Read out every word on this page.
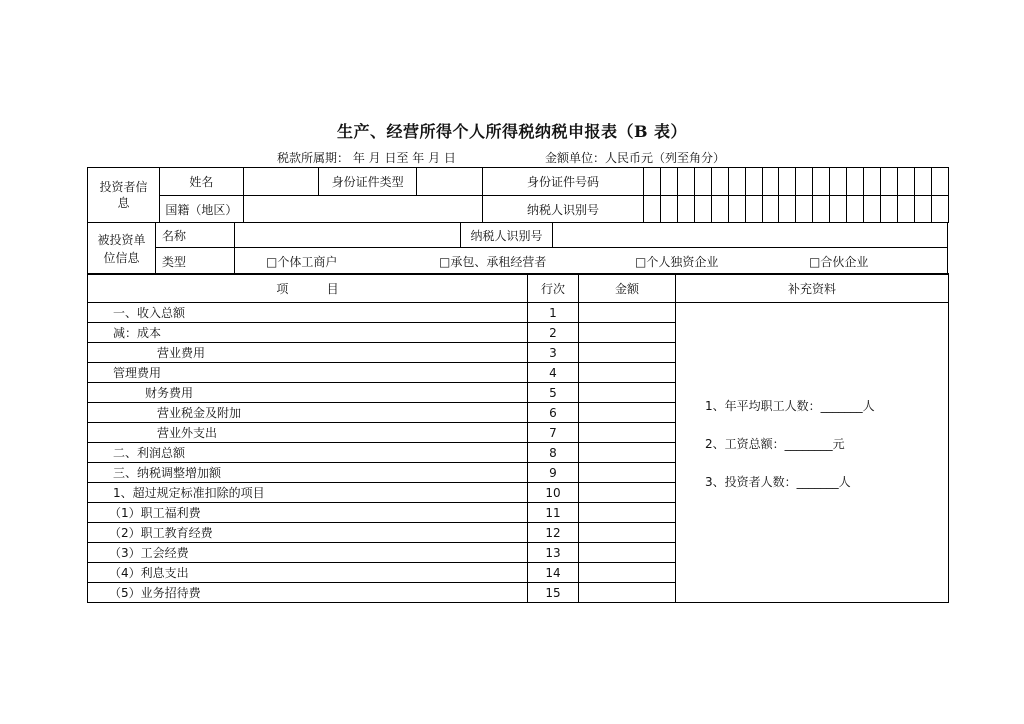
生产、经营所得个人所得税纳税申报表（B 表）
税款所属期： 年 月 日至 年 月 日	金额单位：人民币元（列至角分）
投资者信息	姓名		身份证件类型		身份证件号码																		
	国籍（地区）				纳税人识别号																		
被投资单位信息	名称		纳税人识别号	
	类型	□个体工商户 □承包、承租经营者 □个人独资企业 □合伙企业		
项          目	行次	金额	补充资料
一、收入总额	1		
减：成本	2		
营业费用	3		
管理费用	4		
财务费用	5		
营业税金及附加	6		
营业外支出	7		
二、利润总额	8		
三、纳税调整增加额	9		
1、超过规定标准扣除的项目	10		
（1）职工福利费	11		
（2）职工教育经费	12		
（3）工会经费	13		
（4）利息支出	14		
（5）业务招待费	15		
1、年平均职工人数：_______人
2、工资总额：________元
3、投资者人数：_______人
